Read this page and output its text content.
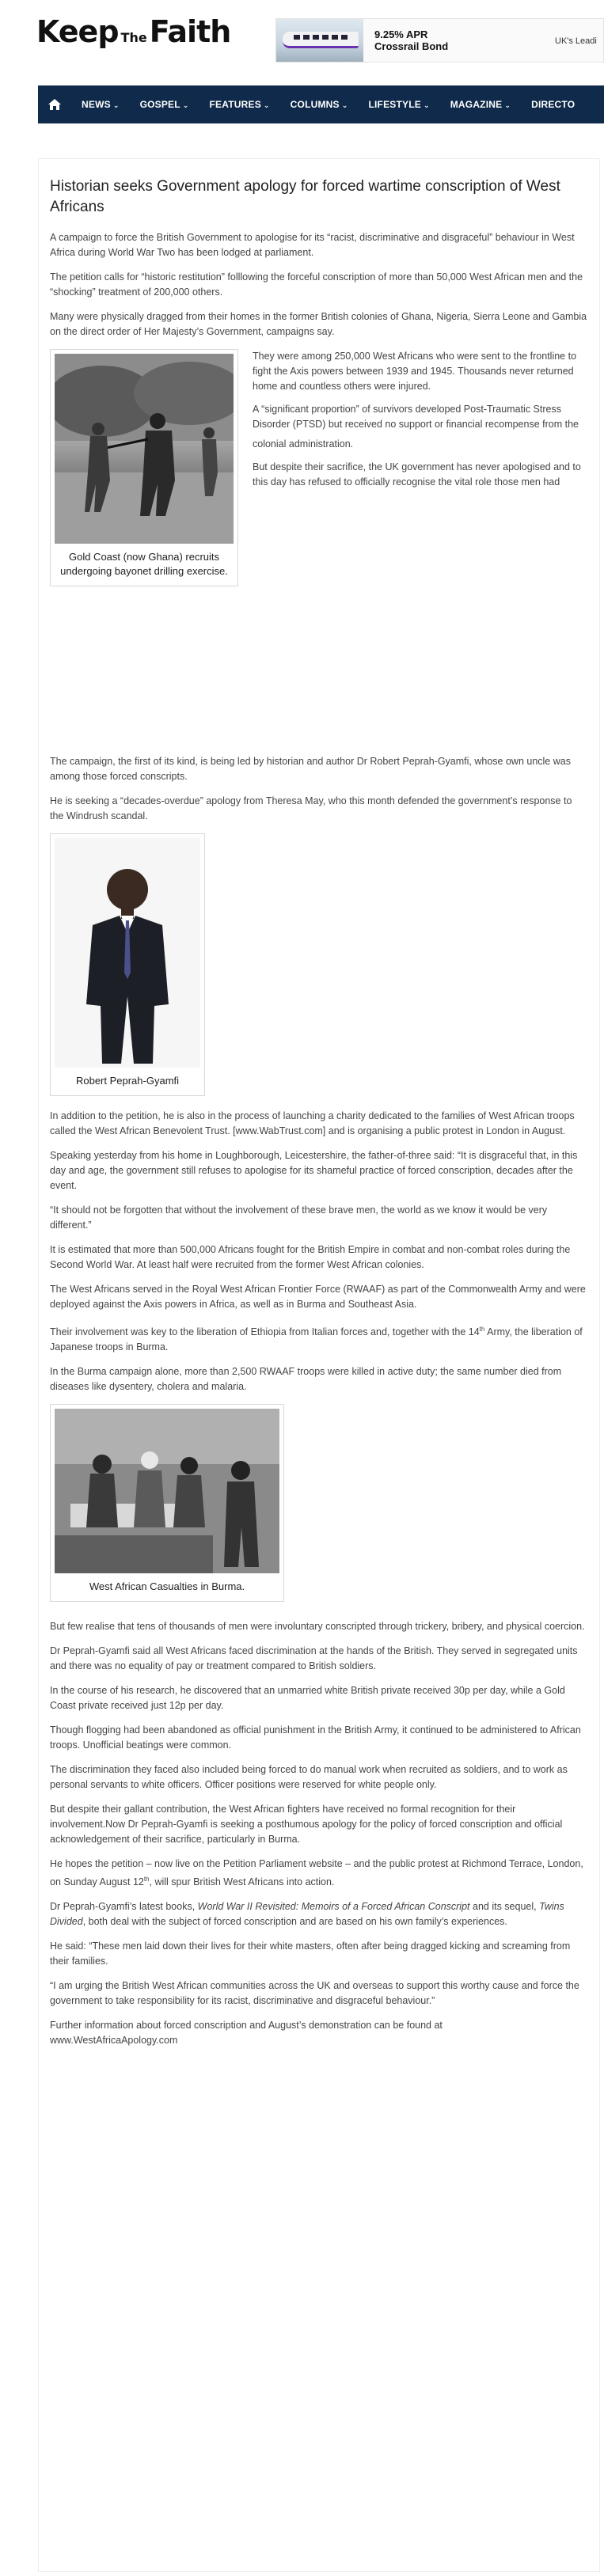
Keep The Faith	9.25% APR
Crossrail Bond	UK's Leadi
NEWS ⌄	GOSPEL ⌄	FEATURES ⌄	COLUMNS ⌄	LIFESTYLE ⌄	MAGAZINE ⌄	DIRECTO
Historian seeks Government apology for forced wartime conscription of West Africans

A campaign to force the British Government to apologise for its “racist, discriminative and disgraceful” behaviour in West Africa during World War Two has been lodged at parliament.

The petition calls for “historic restitution” folllowing the forceful conscription of more than 50,000 West African men and the “shocking” treatment of 200,000 others.

Many were physically dragged from their homes in the former British colonies of Ghana, Nigeria, Sierra Leone and Gambia on the direct order of Her Majesty’s Government, campaigns say.

Gold Coast (now Ghana) recruits undergoing bayonet drilling exercise.

They were among 250,000 West Africans who were sent to the frontline to fight the Axis powers between 1939 and 1945. Thousands never returned home and countless others were injured.

A “significant proportion” of survivors developed Post-Traumatic Stress Disorder (PTSD) but received no support or financial recompense from the

colonial administration.

But despite their sacrifice, the UK government has never apologised and to this day has refused to officially recognise the vital role those men had

The campaign, the first of its kind, is being led by historian and author Dr Robert Peprah-Gyamfi, whose own uncle was among those forced conscripts.

He is seeking a “decades-overdue” apology from Theresa May, who this month defended the government’s response to the Windrush scandal.

Robert Peprah-Gyamfi

In addition to the petition, he is also in the process of launching a charity dedicated to the families of West African troops called the West African Benevolent Trust. [www.WabTrust.com] and is organising a public protest in London in August.

Speaking yesterday from his home in Loughborough, Leicestershire, the father-of-three said: “It is disgraceful that, in this day and age, the government still refuses to apologise for its shameful practice of forced conscription, decades after the event.

“It should not be forgotten that without the involvement of these brave men, the world as we know it would be very different.”

It is estimated that more than 500,000 Africans fought for the British Empire in combat and non-combat roles during the Second World War. At least half were recruited from the former West African colonies.

The West Africans served in the Royal West African Frontier Force (RWAAF) as part of the Commonwealth Army and were deployed against the Axis powers in Africa, as well as in Burma and Southeast Asia.

Their involvement was key to the liberation of Ethiopia from Italian forces and, together with the 14th Army, the liberation of Japanese troops in Burma.

In the Burma campaign alone, more than 2,500 RWAAF troops were killed in active duty; the same number died from diseases like dysentery, cholera and malaria.

West African Casualties in Burma.

But few realise that tens of thousands of men were involuntary conscripted through trickery, bribery, and physical coercion.

Dr Peprah-Gyamfi said all West Africans faced discrimination at the hands of the British. They served in segregated units and there was no equality of pay or treatment compared to British soldiers.

In the course of his research, he discovered that an unmarried white British private received 30p per day, while a Gold Coast private received just 12p per day.

Though flogging had been abandoned as official punishment in the British Army, it continued to be administered to African troops. Unofficial beatings were common.

The discrimination they faced also included being forced to do manual work when recruited as soldiers, and to work as personal servants to white officers. Officer positions were reserved for white people only.

But despite their gallant contribution, the West African fighters have received no formal recognition for their involvement.Now Dr Peprah-Gyamfi is seeking a posthumous apology for the policy of forced conscription and official acknowledgement of their sacrifice, particularly in Burma.

He hopes the petition – now live on the Petition Parliament website – and the public protest at Richmond Terrace, London, on Sunday August 12th, will spur British West Africans into action.

Dr Peprah-Gyamfi’s latest books, World War II Revisited: Memoirs of a Forced African Conscript and its sequel, Twins Divided, both deal with the subject of forced conscription and are based on his own family’s experiences.

He said: “These men laid down their lives for their white masters, often after being dragged kicking and screaming from their families.

“I am urging the British West African communities across the UK and overseas to support this worthy cause and force the government to take responsibility for its racist, discriminative and disgraceful behaviour.”

Further information about forced conscription and August’s demonstration can be found at
www.WestAfricaApology.com
